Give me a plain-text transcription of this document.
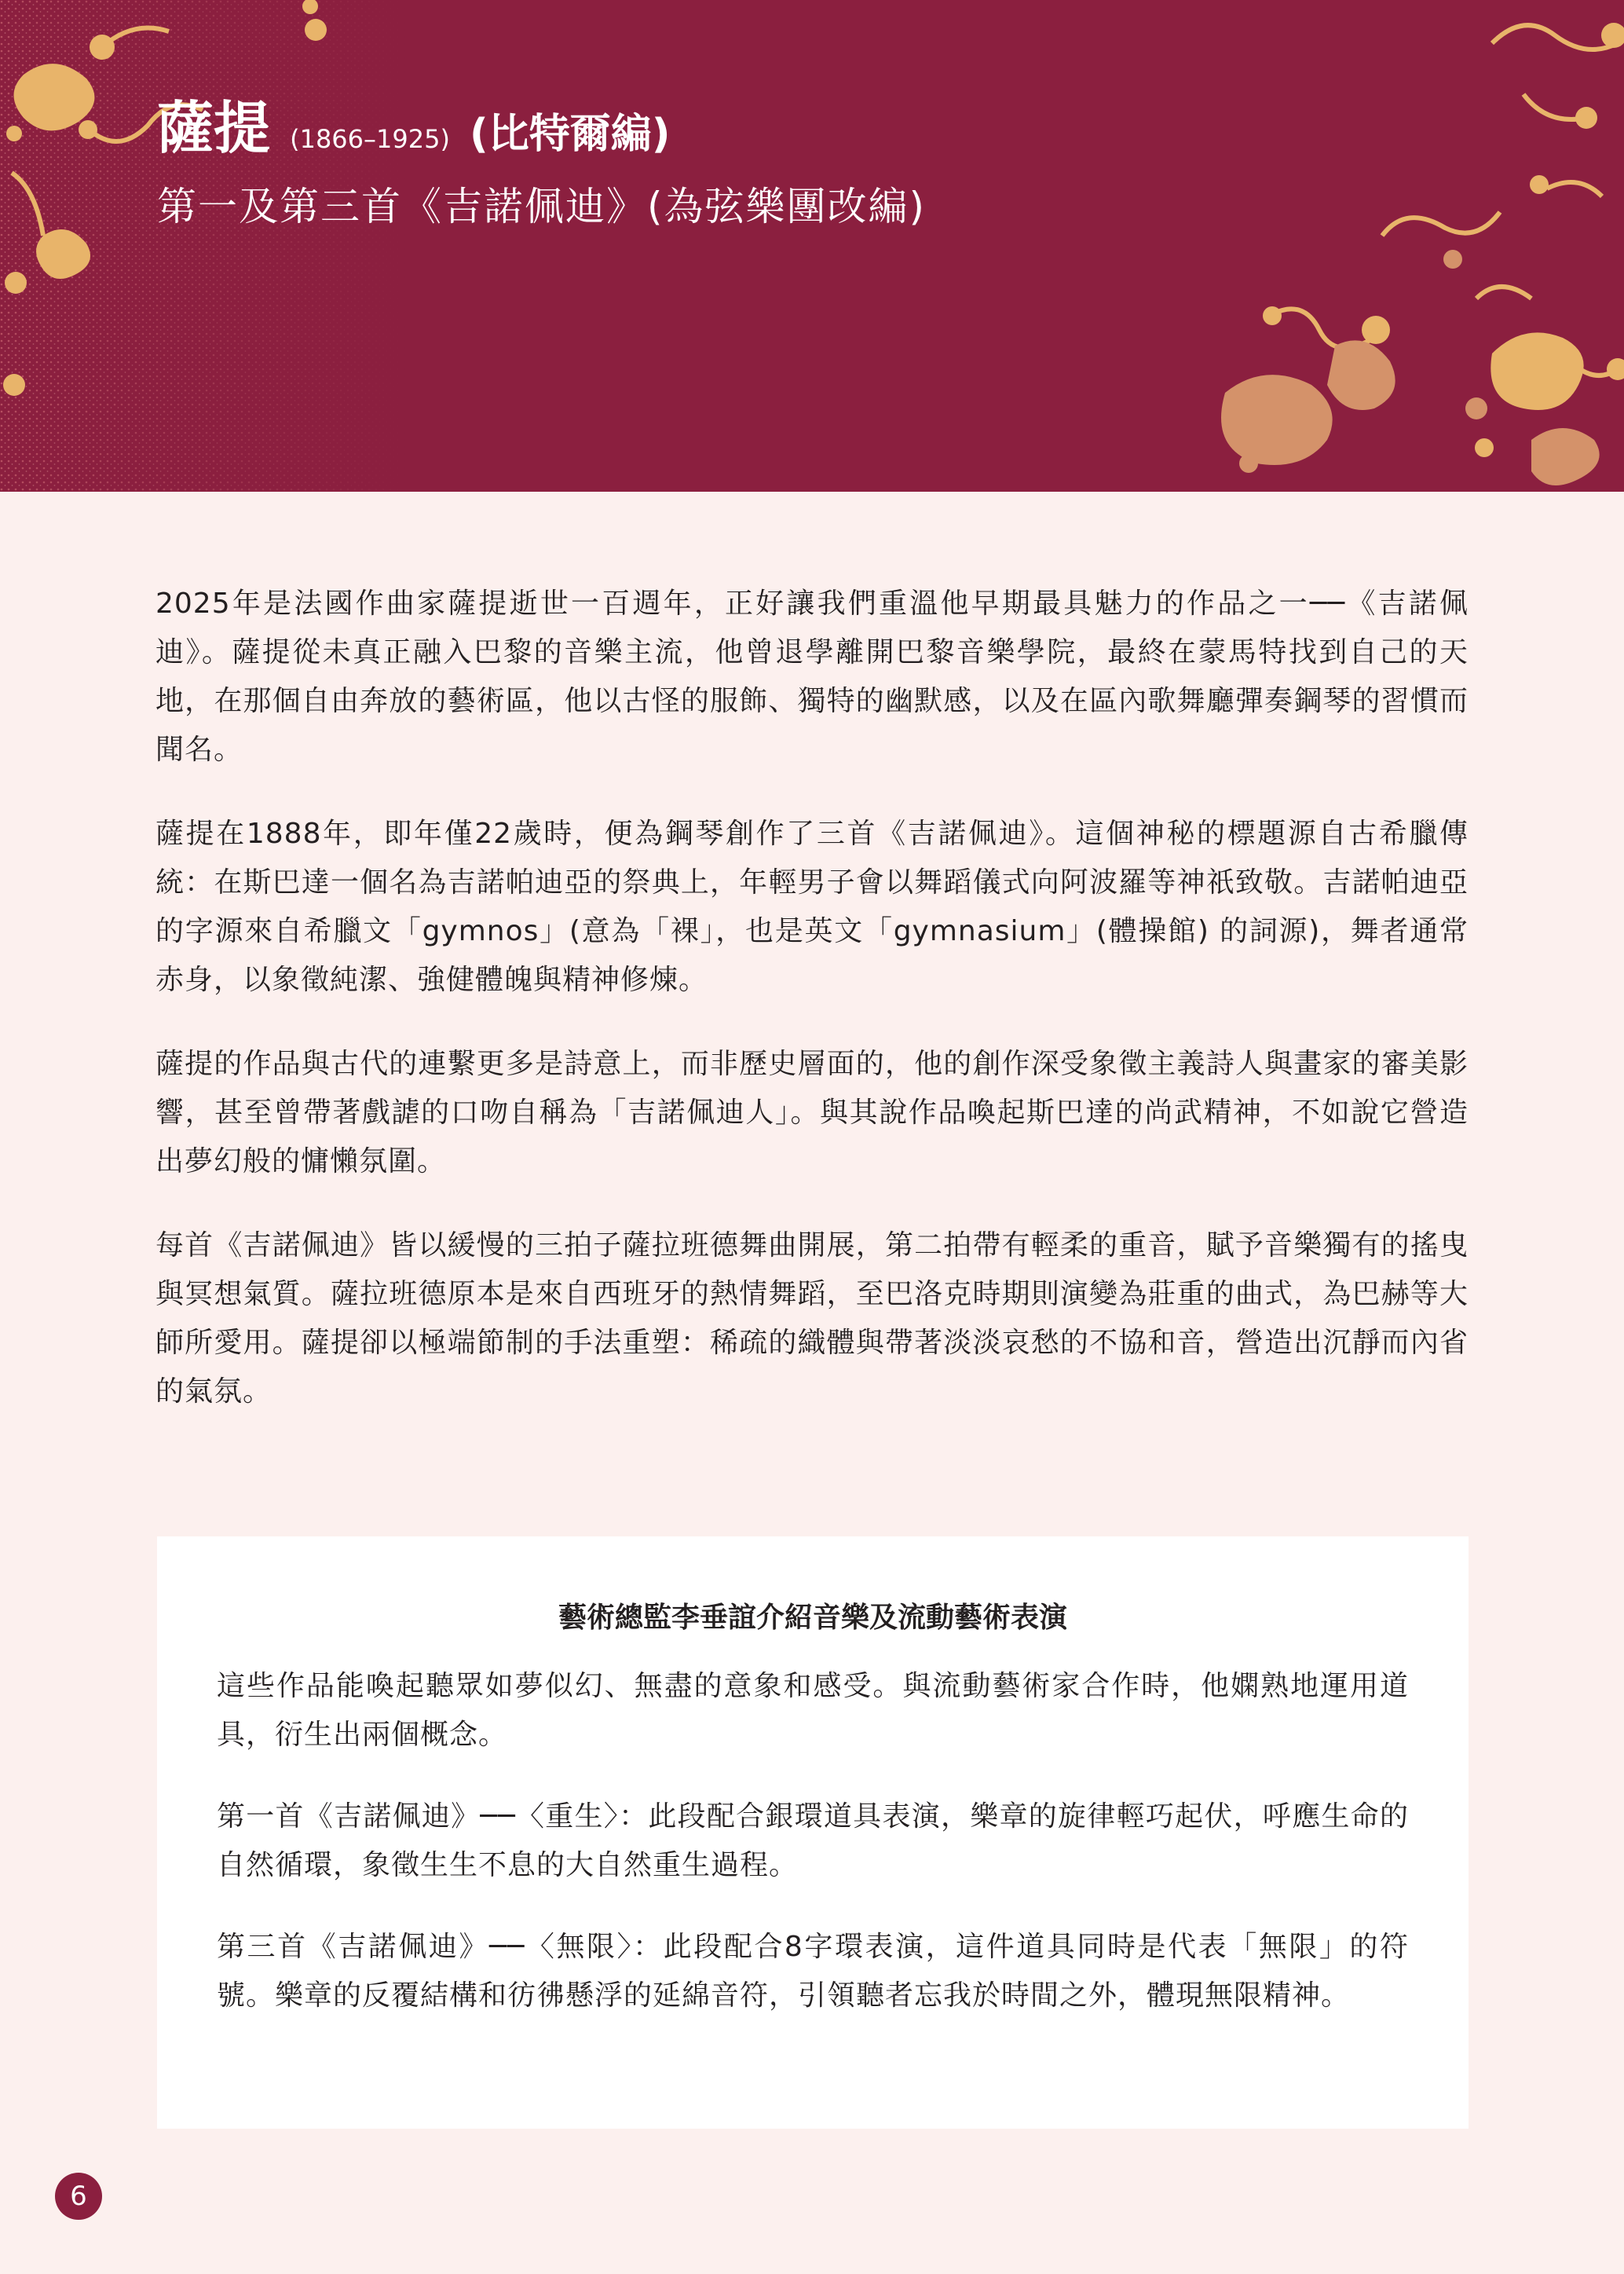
薩提 (1866–1925) (比特爾編)
第一及第三首《吉諾佩迪》(為弦樂團改編)

2025年是法國作曲家薩提逝世一百週年，正好讓我們重溫他早期最具魅力的作品之一──《吉諾佩迪》。薩提從未真正融入巴黎的音樂主流，他曾退學離開巴黎音樂學院，最終在蒙馬特找到自己的天地，在那個自由奔放的藝術區，他以古怪的服飾、獨特的幽默感，以及在區內歌舞廳彈奏鋼琴的習慣而聞名。

薩提在1888年，即年僅22歲時，便為鋼琴創作了三首《吉諾佩迪》。這個神秘的標題源自古希臘傳統：在斯巴達一個名為吉諾帕迪亞的祭典上，年輕男子會以舞蹈儀式向阿波羅等神祇致敬。吉諾帕迪亞的字源來自希臘文「gymnos」(意為「裸」，也是英文「gymnasium」(體操館) 的詞源)，舞者通常赤身，以象徵純潔、強健體魄與精神修煉。

薩提的作品與古代的連繫更多是詩意上，而非歷史層面的，他的創作深受象徵主義詩人與畫家的審美影響，甚至曾帶著戲謔的口吻自稱為「吉諾佩迪人」。與其說作品喚起斯巴達的尚武精神，不如說它營造出夢幻般的慵懶氛圍。

每首《吉諾佩迪》皆以緩慢的三拍子薩拉班德舞曲開展，第二拍帶有輕柔的重音，賦予音樂獨有的搖曳與冥想氣質。薩拉班德原本是來自西班牙的熱情舞蹈，至巴洛克時期則演變為莊重的曲式，為巴赫等大師所愛用。薩提卻以極端節制的手法重塑：稀疏的織體與帶著淡淡哀愁的不協和音，營造出沉靜而內省的氣氛。

藝術總監李垂誼介紹音樂及流動藝術表演

這些作品能喚起聽眾如夢似幻、無盡的意象和感受。與流動藝術家合作時，他嫻熟地運用道具，衍生出兩個概念。

第一首《吉諾佩迪》──〈重生〉：此段配合銀環道具表演，樂章的旋律輕巧起伏，呼應生命的自然循環，象徵生生不息的大自然重生過程。

第三首《吉諾佩迪》──〈無限〉：此段配合8字環表演，這件道具同時是代表「無限」的符號。樂章的反覆結構和彷彿懸浮的延綿音符，引領聽者忘我於時間之外，體現無限精神。

6
